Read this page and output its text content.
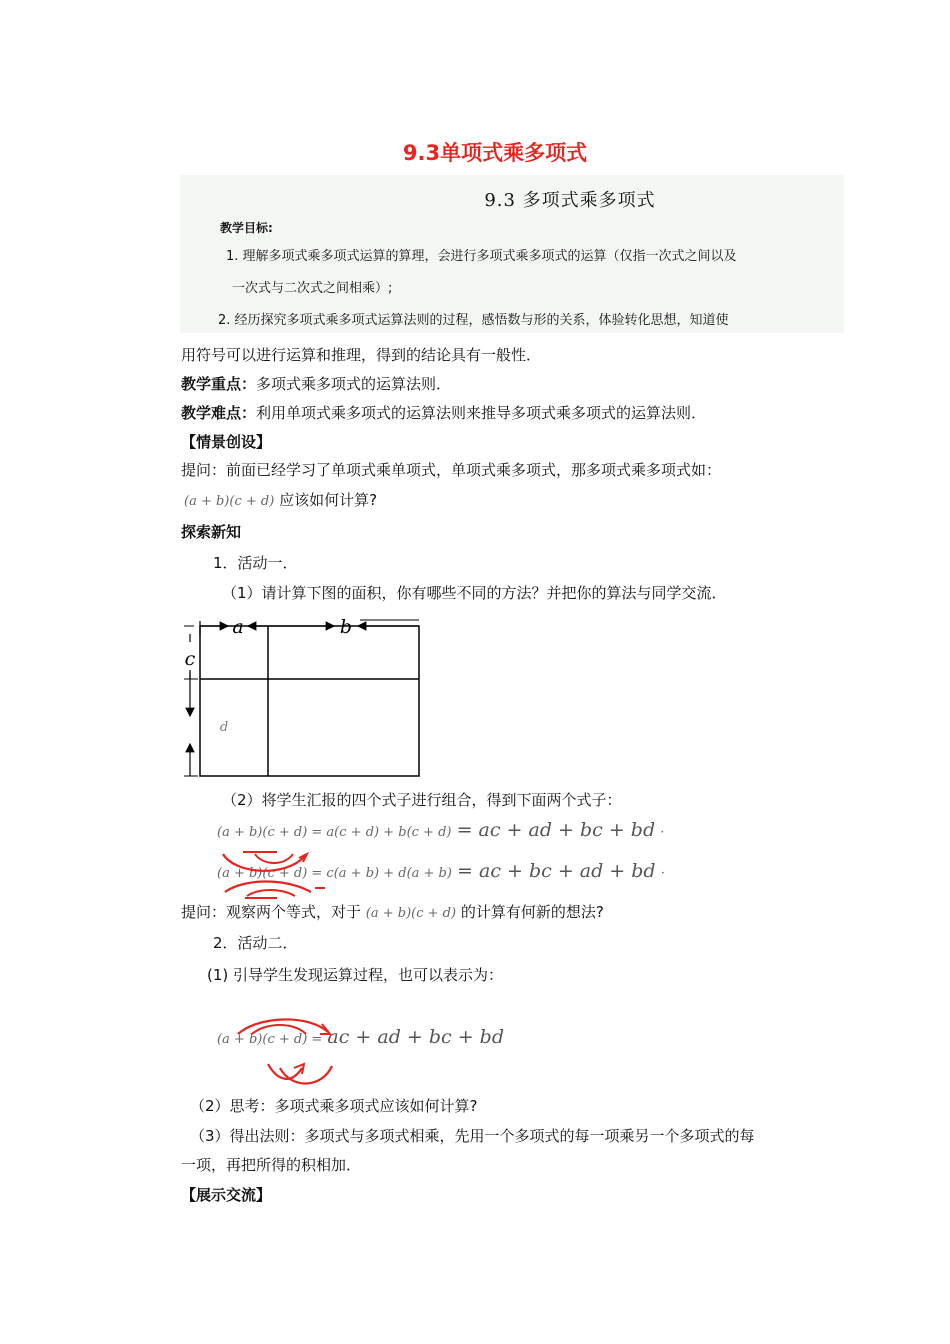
9.3单项式乘多项式
9.3 多项式乘多项式
教学目标:
1. 理解多项式乘多项式运算的算理，会进行多项式乘多项式的运算（仅指一次式之间以及
一次式与二次式之间相乘）;
2. 经历探究多项式乘多项式运算法则的过程，感悟数与形的关系，体验转化思想，知道使
用符号可以进行运算和推理，得到的结论具有一般性．
教学重点：多项式乘多项式的运算法则．
教学难点：利用单项式乘多项式的运算法则来推导多项式乘多项式的运算法则．
【情景创设】
提问：前面已经学习了单项式乘单项式，单项式乘多项式，那多项式乘多项式如：
(a + b)(c + d) 应该如何计算?
探索新知
1．活动一．
（1）请计算下图的面积，你有哪些不同的方法？并把你的算法与同学交流．
a	b
c
d
（2）将学生汇报的四个式子进行组合，得到下面两个式子：
(a + b)(c + d) = a(c + d) + b(c + d) = ac + ad + bc + bd ·
(a + b)(c + d) = c(a + b) + d(a + b) = ac + bc + ad + bd ·
提问：观察两个等式，对于 (a + b)(c + d) 的计算有何新的想法?
2．活动二．
(1) 引导学生发现运算过程，也可以表示为：
(a + b)(c + d) = ac + ad + bc + bd
（2）思考：多项式乘多项式应该如何计算?
（3）得出法则：多项式与多项式相乘，先用一个多项式的每一项乘另一个多项式的每
一项，再把所得的积相加．
【展示交流】
